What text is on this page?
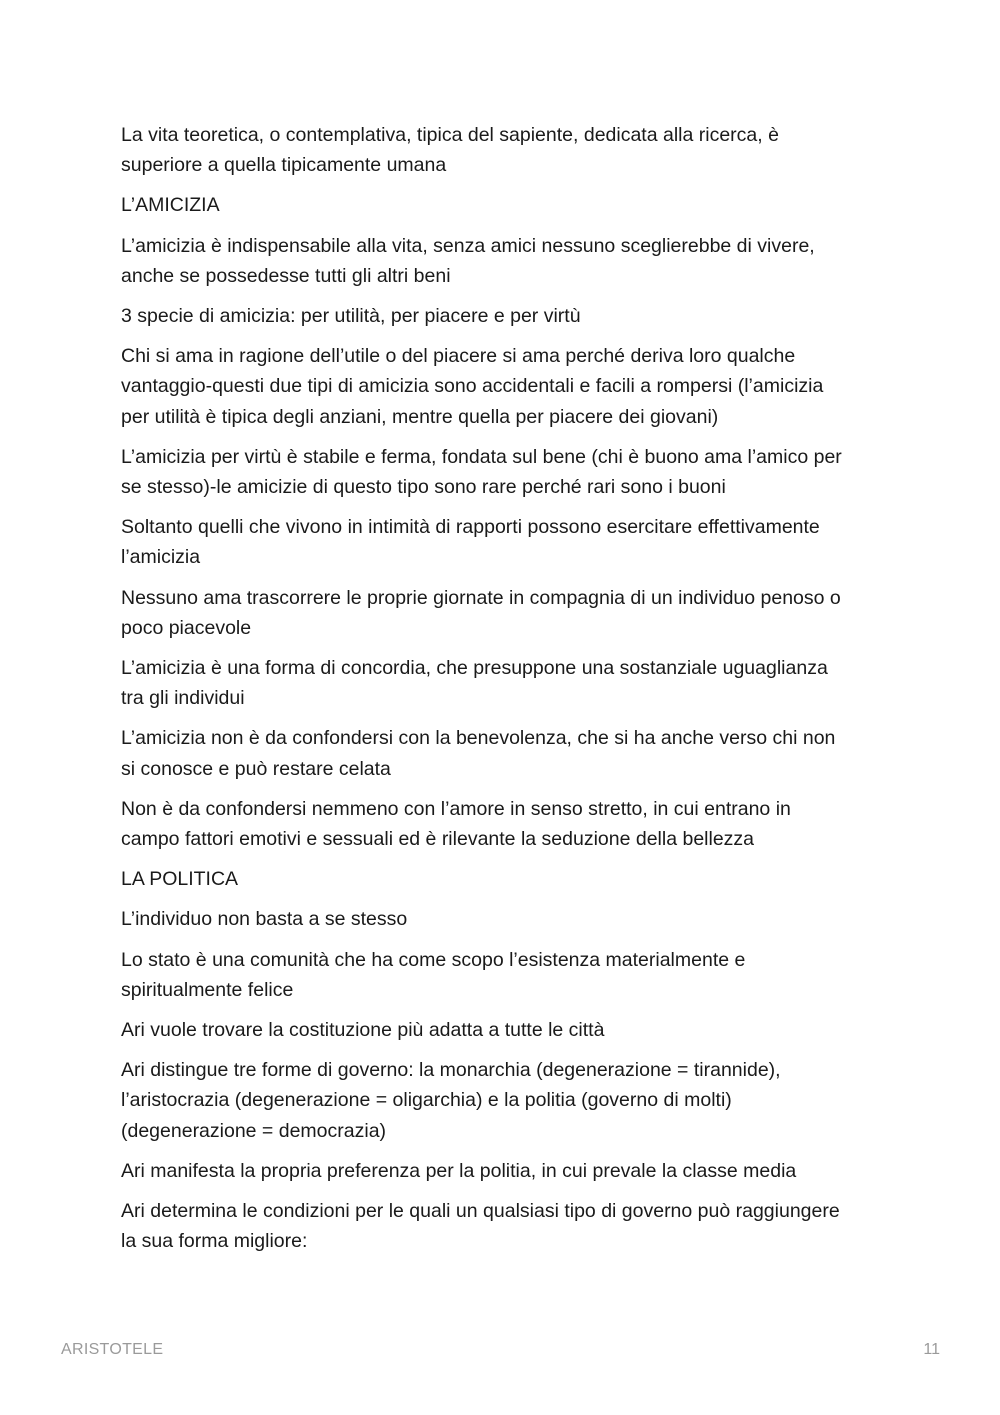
La vita teoretica, o contemplativa, tipica del sapiente, dedicata alla ricerca, è
superiore a quella tipicamente umana

L’AMICIZIA

L’amicizia è indispensabile alla vita, senza amici nessuno sceglierebbe di vivere,
anche se possedesse tutti gli altri beni

3 specie di amicizia: per utilità, per piacere e per virtù

Chi si ama in ragione dell’utile o del piacere si ama perché deriva loro qualche
vantaggio-questi due tipi di amicizia sono accidentali e facili a rompersi (l’amicizia
per utilità è tipica degli anziani, mentre quella per piacere dei giovani)

L’amicizia per virtù è stabile e ferma, fondata sul bene (chi è buono ama l’amico per
se stesso)-le amicizie di questo tipo sono rare perché rari sono i buoni

Soltanto quelli che vivono in intimità di rapporti possono esercitare effettivamente
l’amicizia

Nessuno ama trascorrere le proprie giornate in compagnia di un individuo penoso o
poco piacevole

L’amicizia è una forma di concordia, che presuppone una sostanziale uguaglianza
tra gli individui

L’amicizia non è da confondersi con la benevolenza, che si ha anche verso chi non
si conosce e può restare celata

Non è da confondersi nemmeno con l’amore in senso stretto, in cui entrano in
campo fattori emotivi e sessuali ed è rilevante la seduzione della bellezza

LA POLITICA

L’individuo non basta a se stesso

Lo stato è una comunità che ha come scopo l’esistenza materialmente e
spiritualmente felice

Ari vuole trovare la costituzione più adatta a tutte le città

Ari distingue tre forme di governo: la monarchia (degenerazione = tirannide),
l’aristocrazia (degenerazione = oligarchia) e la politia (governo di molti)
(degenerazione = democrazia)

Ari manifesta la propria preferenza per la politia, in cui prevale la classe media

Ari determina le condizioni per le quali un qualsiasi tipo di governo può raggiungere
la sua forma migliore:

ARISTOTELE	11
